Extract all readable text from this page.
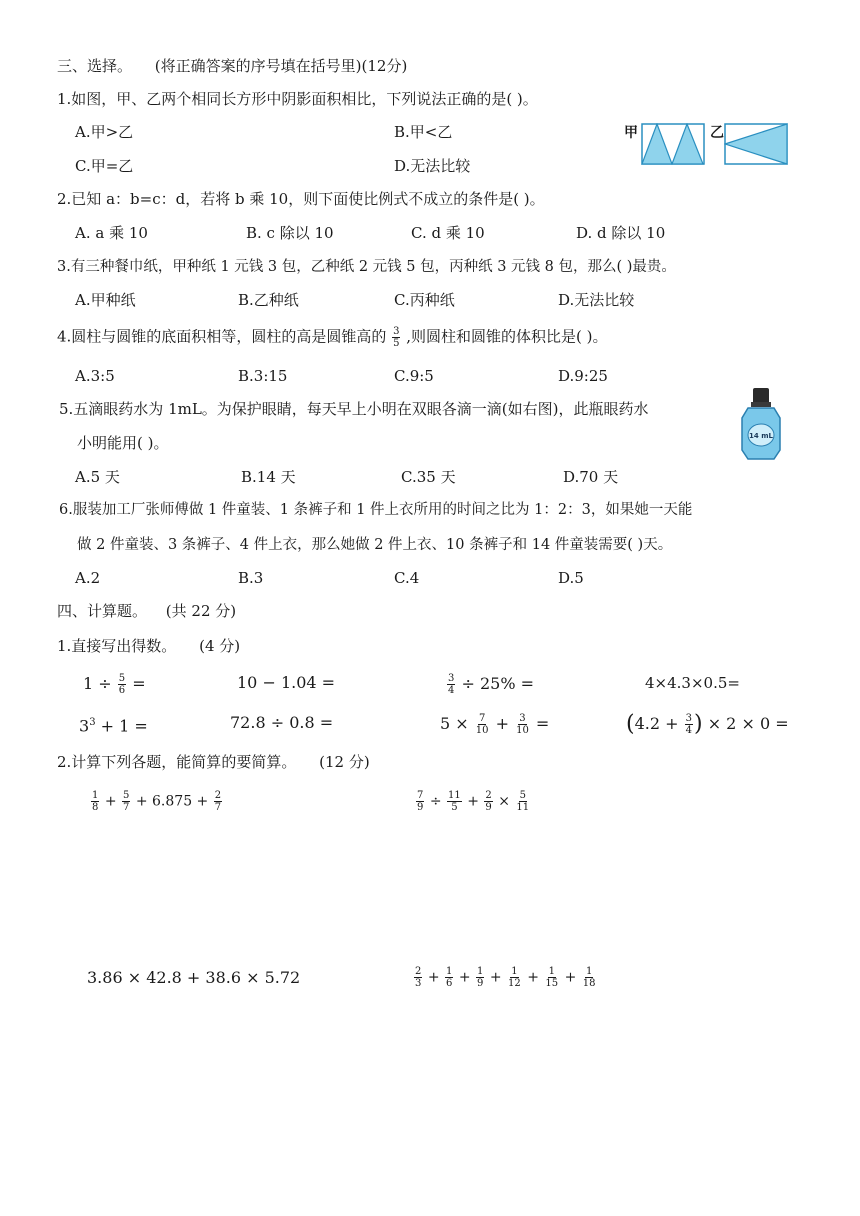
三、选择。 (将正确答案的序号填在括号里)(12分)
1.如图，甲、乙两个相同长方形中阴影面积相比，下列说法正确的是( )。
A.甲>乙	B.甲<乙
C.甲=乙	D.无法比较
甲	乙
2.已知 a：b=c：d，若将 b 乘 10，则下面使比例式不成立的条件是( )。
A. a 乘 10	B. c 除以 10	C. d 乘 10	D. d 除以 10
3.有三种餐巾纸，甲种纸 1 元钱 3 包，乙种纸 2 元钱 5 包，丙种纸 3 元钱 8 包，那么( )最贵。
A.甲种纸	B.乙种纸	C.丙种纸	D.无法比较
4.圆柱与圆锥的底面积相等，圆柱的高是圆锥高的 $\frac{3}{5}$ ,则圆柱和圆锥的体积比是( )。
A.3:5	B.3:15	C.9:5	D.9:25
5.五滴眼药水为 1mL。为保护眼睛，每天早上小明在双眼各滴一滴(如右图)，此瓶眼药水
小明能用( )。	14 mL
A.5 天	B.14 天	C.35 天	D.70 天
6.服装加工厂张师傅做 1 件童装、1 条裤子和 1 件上衣所用的时间之比为 1：2：3，如果她一天能
做 2 件童装、3 条裤子、4 件上衣，那么她做 2 件上衣、10 条裤子和 14 件童装需要( )天。
A.2	B.3	C.4	D.5
四、计算题。 (共 22 分)
1.直接写出得数。 (4 分)
$1 \div \frac{5}{6}$ =	10 − 1.04 =	$\frac{3}{4} \div 25\%$ =	4×4.3×0.5=
$3^3 + 1$ =	72.8 ÷ 0.8 =	$5 \times \frac{7}{10} + \frac{3}{10}$ =	($4.2 + \frac{3}{4}$ ) × 2 × 0 =
2.计算下列各题，能简算的要简算。 (12 分)
$\frac{1}{8} + \frac{5}{7} + 6.875 + \frac{2}{7}$	$\frac{7}{9} \div \frac{11}{5} + \frac{2}{9} \times \frac{5}{11}$
3.86 × 42.8 + 38.6 × 5.72	$\frac{2}{3} + \frac{1}{6} + \frac{1}{9} + \frac{1}{12} + \frac{1}{15} + \frac{1}{18}$
